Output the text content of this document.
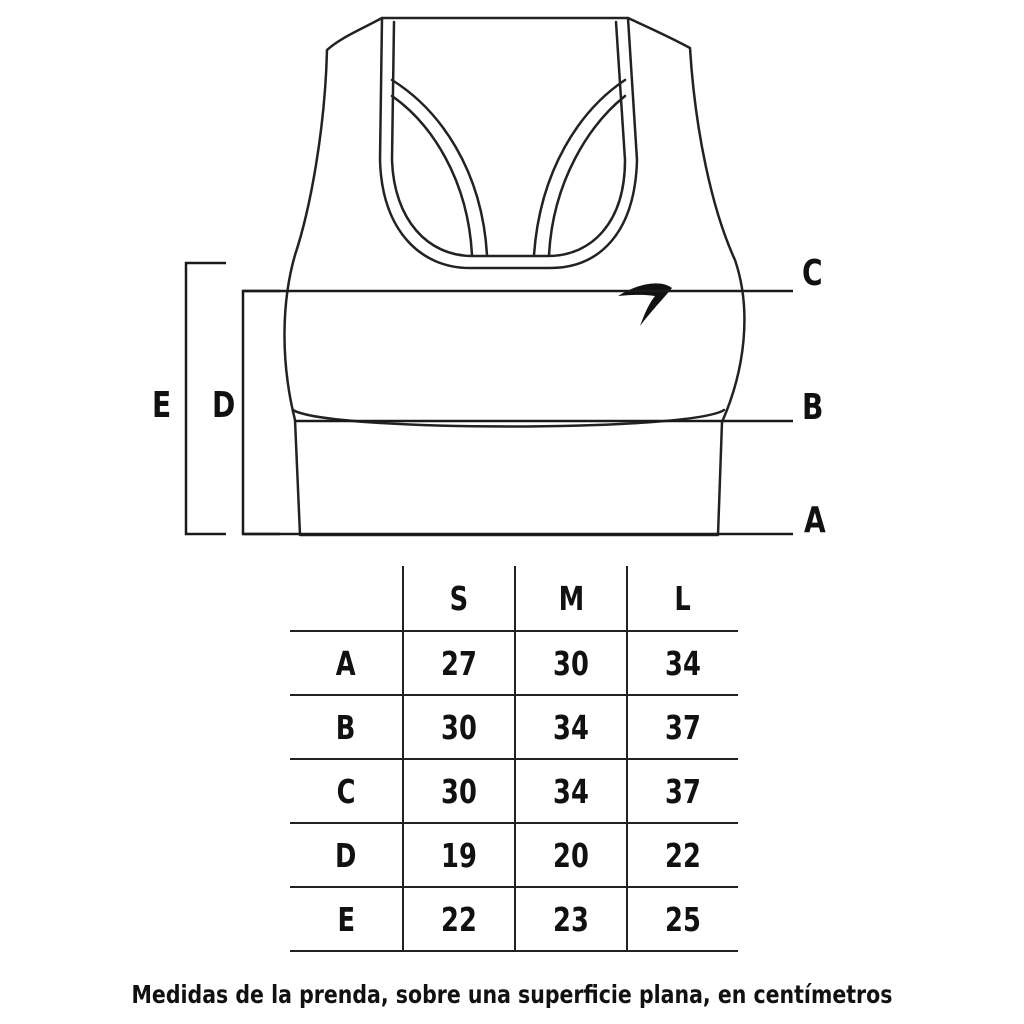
C
B
A
E D
	S	M	L
A	27	30	34
B	30	34	37
C	30	34	37
D	19	20	22
E	22	23	25
Medidas de la prenda, sobre una superficie plana, en centímetros
